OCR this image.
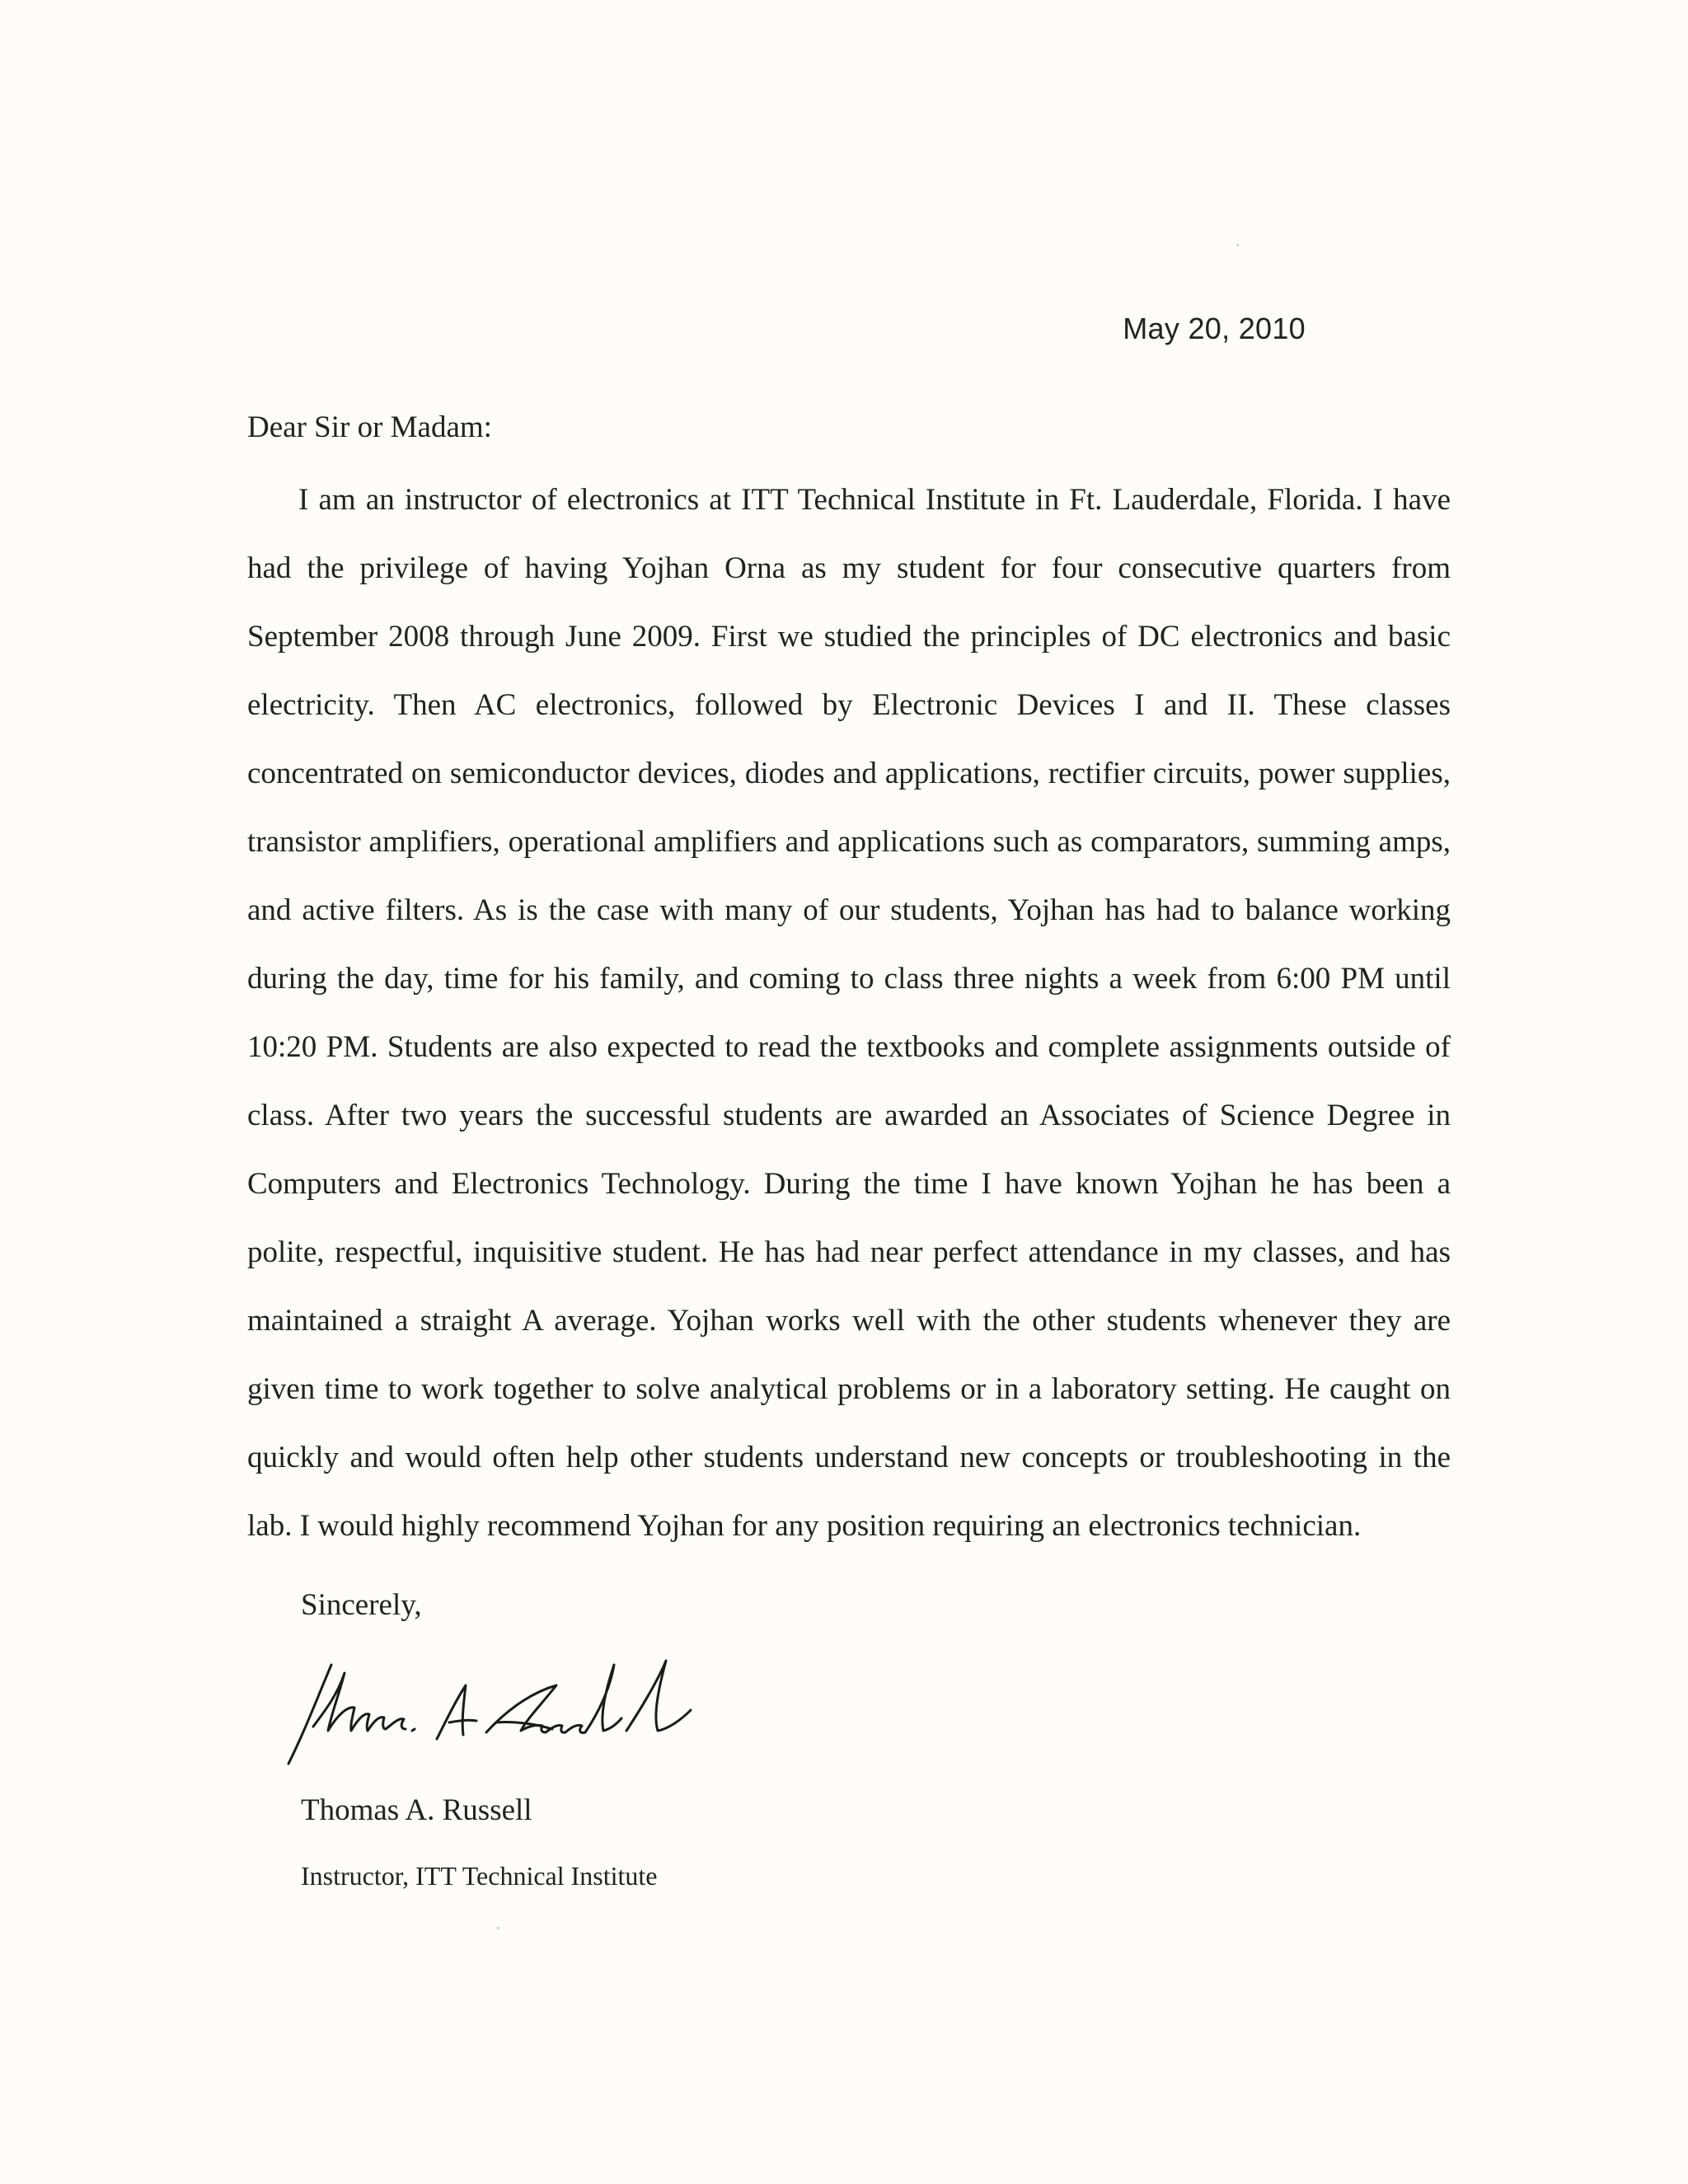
May 20, 2010
Dear Sir or Madam:

I am an instructor of electronics at ITT Technical Institute in Ft. Lauderdale, Florida. I have had the privilege of having Yojhan Orna as my student for four consecutive quarters from September 2008 through June 2009. First we studied the principles of DC electronics and basic electricity. Then AC electronics, followed by Electronic Devices I and II. These classes concentrated on semiconductor devices, diodes and applications, rectifier circuits, power supplies, transistor amplifiers, operational amplifiers and applications such as comparators, summing amps, and active filters. As is the case with many of our students, Yojhan has had to balance working during the day, time for his family, and coming to class three nights a week from 6:00 PM until 10:20 PM. Students are also expected to read the textbooks and complete assignments outside of class. After two years the successful students are awarded an Associates of Science Degree in Computers and Electronics Technology. During the time I have known Yojhan he has been a polite, respectful, inquisitive student. He has had near perfect attendance in my classes, and has maintained a straight A average. Yojhan works well with the other students whenever they are given time to work together to solve analytical problems or in a laboratory setting. He caught on quickly and would often help other students understand new concepts or troubleshooting in the lab. I would highly recommend Yojhan for any position requiring an electronics technician.

Sincerely,
Thomas A. Russell
Instructor, ITT Technical Institute
